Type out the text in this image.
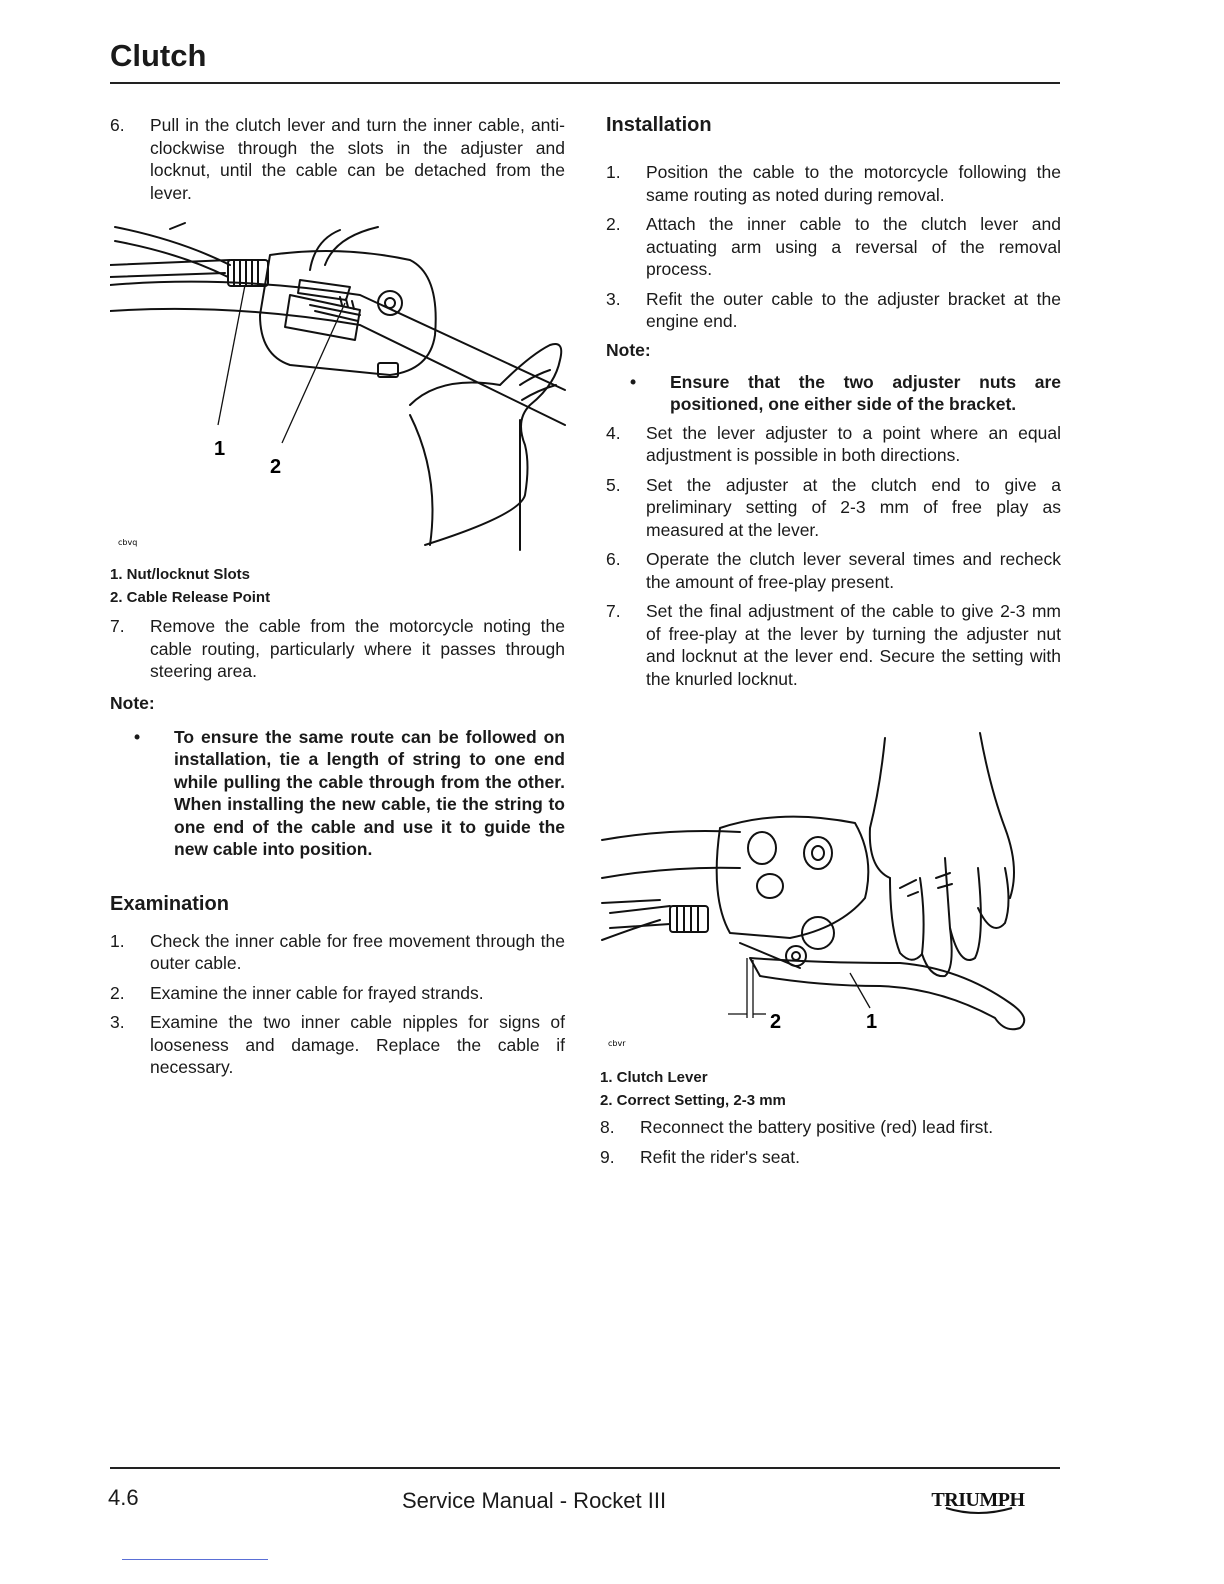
Clutch
6. Pull in the clutch lever and turn the inner cable, anti-clockwise through the slots in the adjuster and locknut, until the cable can be detached from the lever.
1
2
cbvq
1. Nut/locknut Slots
2. Cable Release Point
7. Remove the cable from the motorcycle noting the cable routing, particularly where it passes through steering area.

Note:

• To ensure the same route can be followed on installation, tie a length of string to one end while pulling the cable through from the other. When installing the new cable, tie the string to one end of the cable and use it to guide the new cable into position.
Examination
1. Check the inner cable for free movement through the outer cable.
2. Examine the inner cable for frayed strands.
3. Examine the two inner cable nipples for signs of looseness and damage. Replace the cable if necessary.
Installation
1. Position the cable to the motorcycle following the same routing as noted during removal.
2. Attach the inner cable to the clutch lever and actuating arm using a reversal of the removal process.
3. Refit the outer cable to the adjuster bracket at the engine end.

Note:

• Ensure that the two adjuster nuts are positioned, one either side of the bracket.
4. Set the lever adjuster to a point where an equal adjustment is possible in both directions.
5. Set the adjuster at the clutch end to give a preliminary setting of 2-3 mm of free play as measured at the lever.
6. Operate the clutch lever several times and recheck the amount of free-play present.
7. Set the final adjustment of the cable to give 2-3 mm of free-play at the lever by turning the adjuster nut and locknut at the lever end. Secure the setting with the knurled locknut.
2	1
cbvr
1. Clutch Lever
2. Correct Setting, 2-3 mm
8. Reconnect the battery positive (red) lead first.
9. Refit the rider's seat.
4.6	Service Manual - Rocket III	TRIUMPH
